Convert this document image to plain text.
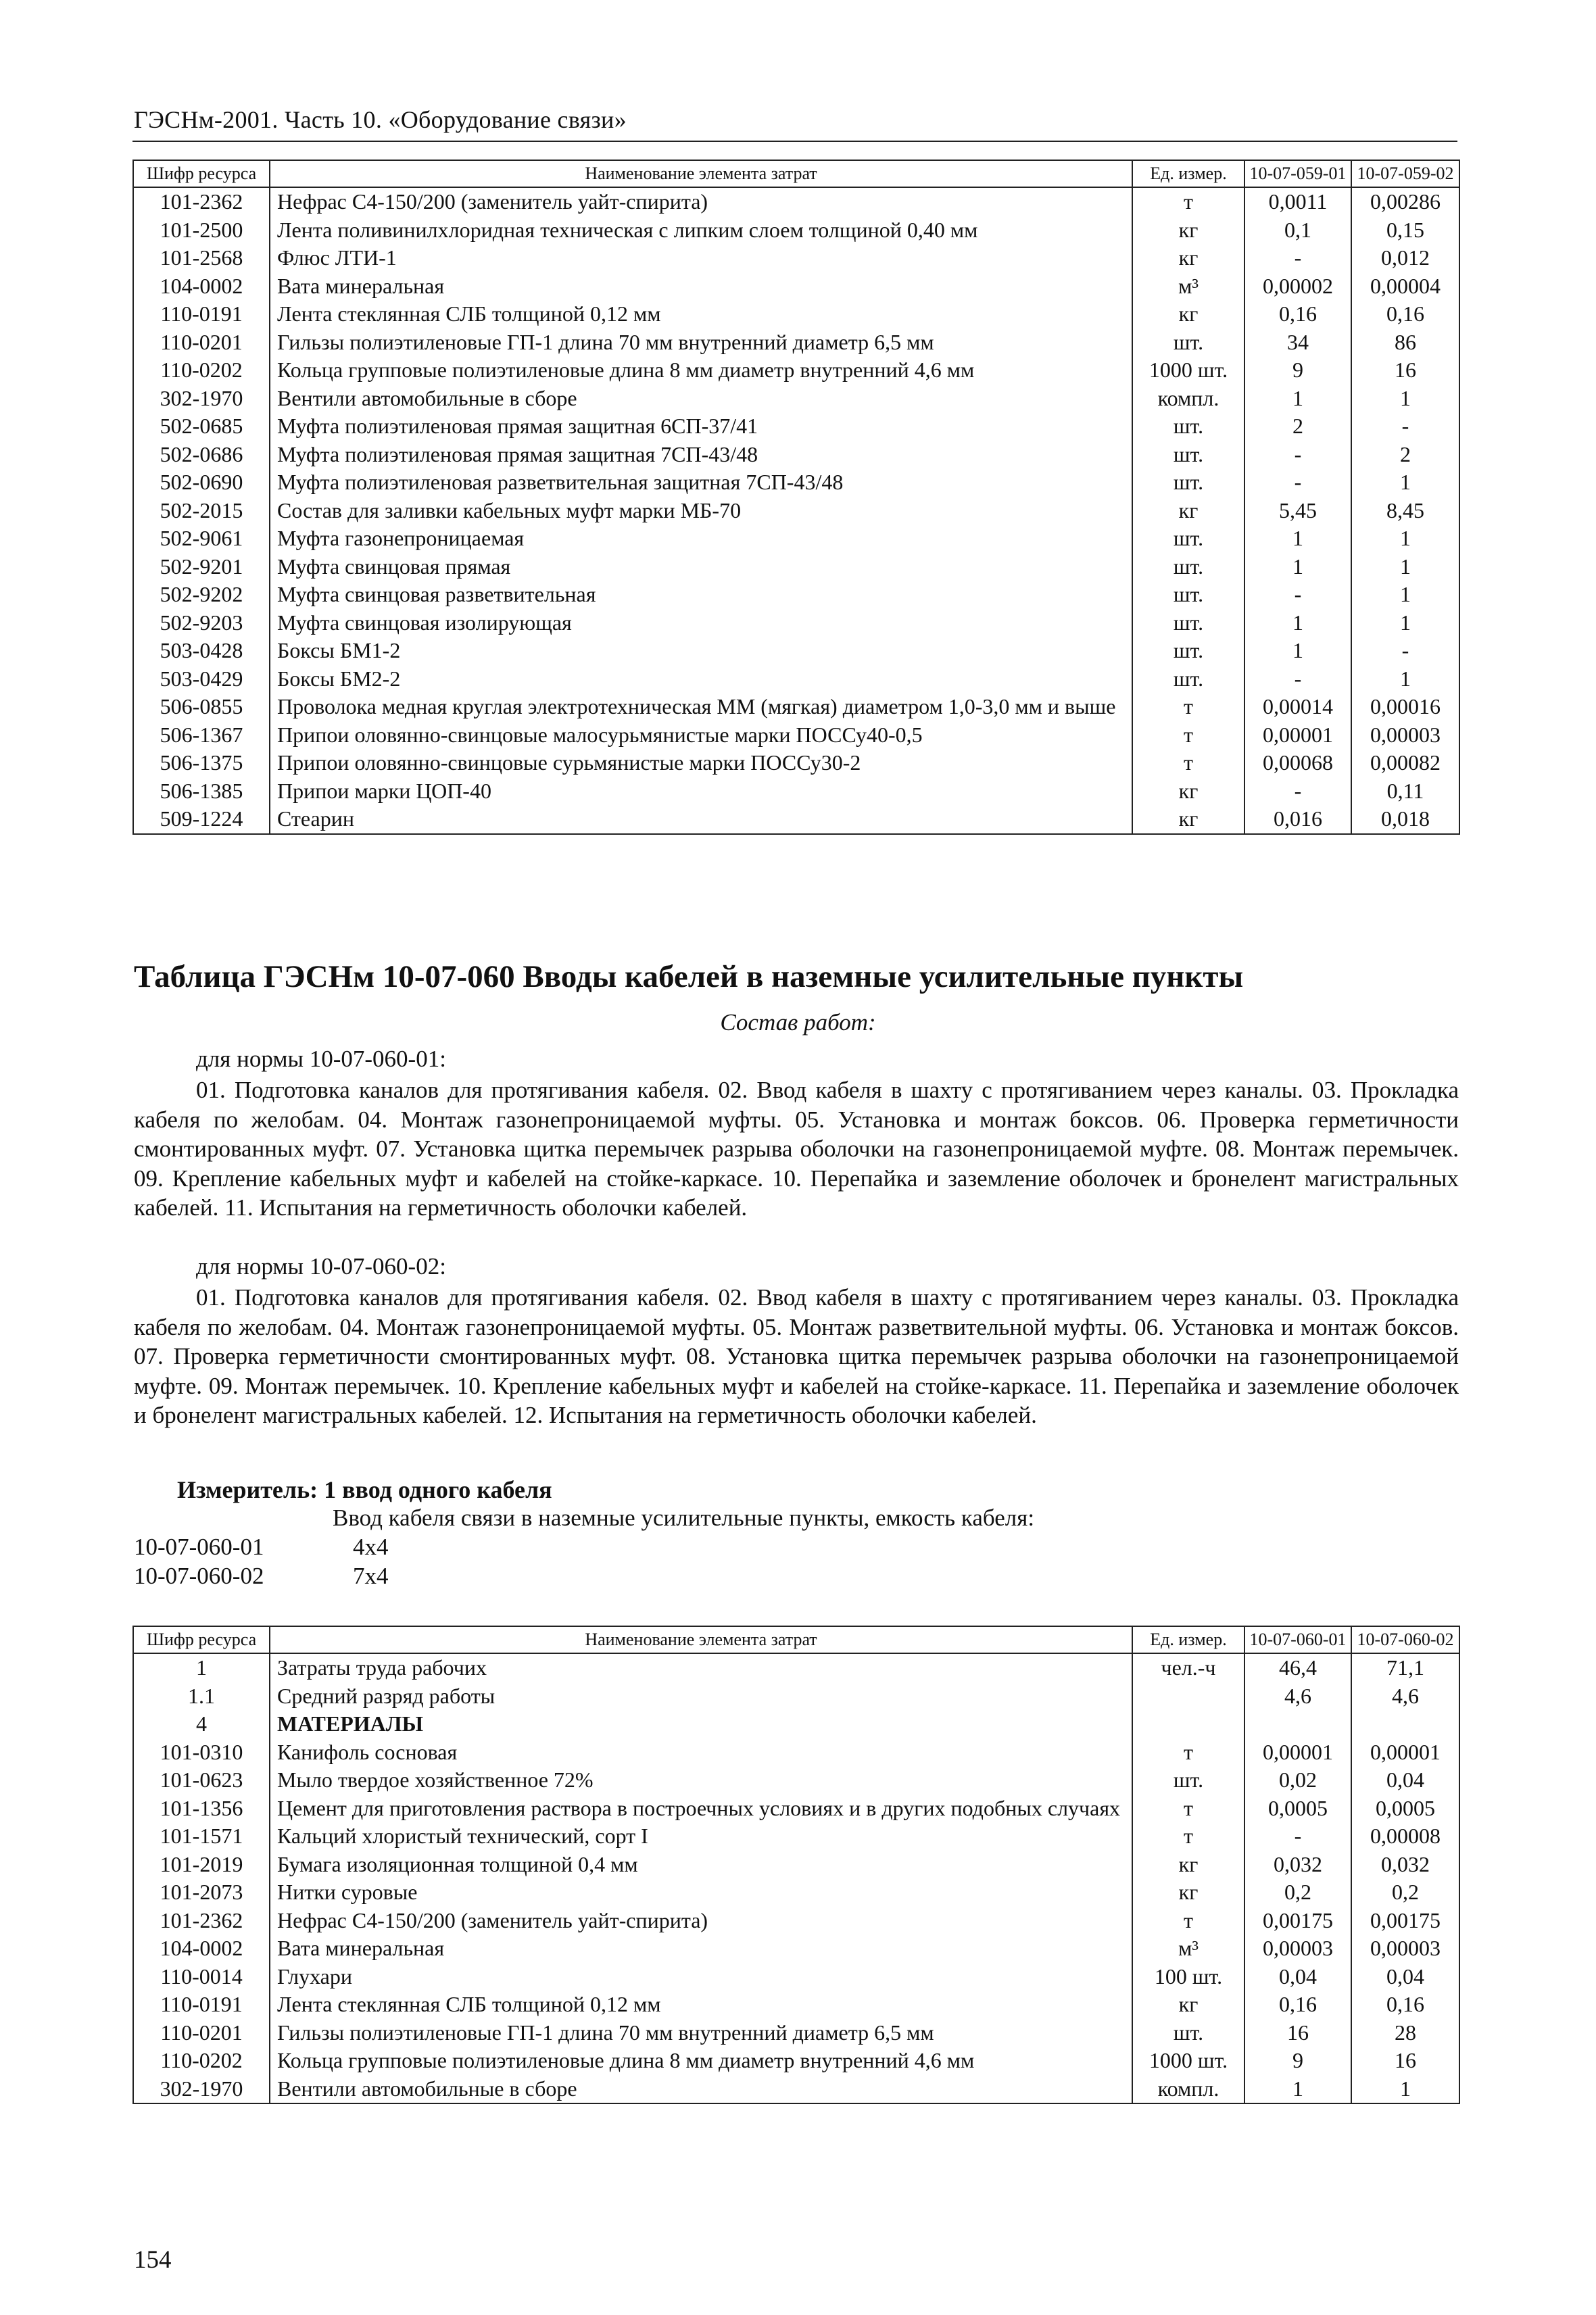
ГЭСНм-2001. Часть 10. «Оборудование связи»
Шифр ресурса	Наименование элемента затрат	Ед. измер.	10-07-059-01	10-07-059-02
101-2362	Нефрас С4-150/200 (заменитель уайт-спирита)	т	0,0011	0,00286
101-2500	Лента поливинилхлоридная техническая с липким слоем толщиной 0,40 мм	кг	0,1	0,15
101-2568	Флюс ЛТИ-1	кг	-	0,012
104-0002	Вата минеральная	м³	0,00002	0,00004
110-0191	Лента стеклянная СЛБ толщиной 0,12 мм	кг	0,16	0,16
110-0201	Гильзы полиэтиленовые ГП-1 длина 70 мм внутренний диаметр 6,5 мм	шт.	34	86
110-0202	Кольца групповые полиэтиленовые длина 8 мм диаметр внутренний 4,6 мм	1000 шт.	9	16
302-1970	Вентили автомобильные в сборе	компл.	1	1
502-0685	Муфта полиэтиленовая прямая защитная 6СП-37/41	шт.	2	-
502-0686	Муфта полиэтиленовая прямая защитная 7СП-43/48	шт.	-	2
502-0690	Муфта полиэтиленовая разветвительная защитная 7СП-43/48	шт.	-	1
502-2015	Состав для заливки кабельных муфт марки МБ-70	кг	5,45	8,45
502-9061	Муфта газонепроницаемая	шт.	1	1
502-9201	Муфта свинцовая прямая	шт.	1	1
502-9202	Муфта свинцовая разветвительная	шт.	-	1
502-9203	Муфта свинцовая изолирующая	шт.	1	1
503-0428	Боксы БМ1-2	шт.	1	-
503-0429	Боксы БМ2-2	шт.	-	1
506-0855	Проволока медная круглая электротехническая ММ (мягкая) диаметром 1,0-3,0 мм и выше	т	0,00014	0,00016
506-1367	Припои оловянно-свинцовые малосурьмянистые марки ПОССу40-0,5	т	0,00001	0,00003
506-1375	Припои оловянно-свинцовые сурьмянистые марки ПОССу30-2	т	0,00068	0,00082
506-1385	Припои марки ЦОП-40	кг	-	0,11
509-1224	Стеарин	кг	0,016	0,018
Таблица ГЭСНм 10-07-060 Вводы кабелей в наземные усилительные пункты
Состав работ:
для нормы 10-07-060-01:
01. Подготовка каналов для протягивания кабеля. 02. Ввод кабеля в шахту с протягиванием через каналы. 03. Прокладка кабеля по желобам. 04. Монтаж газонепроницаемой муфты. 05. Установка и монтаж боксов. 06. Проверка герметичности смонтированных муфт. 07. Установка щитка перемычек разрыва оболочки на газонепроницаемой муфте. 08. Монтаж перемычек. 09. Крепление кабельных муфт и кабелей на стойке-каркасе. 10. Перепайка и заземление оболочек и бронелент магистральных кабелей. 11. Испытания на герметичность оболочки кабелей.
для нормы 10-07-060-02:
01. Подготовка каналов для протягивания кабеля. 02. Ввод кабеля в шахту с протягиванием через каналы. 03. Прокладка кабеля по желобам. 04. Монтаж газонепроницаемой муфты. 05. Монтаж разветвительной муфты. 06. Установка и монтаж боксов. 07. Проверка герметичности смонтированных муфт. 08. Установка щитка перемычек разрыва оболочки на газонепроницаемой муфте. 09. Монтаж перемычек. 10. Крепление кабельных муфт и кабелей на стойке-каркасе. 11. Перепайка и заземление оболочек и бронелент магистральных кабелей. 12. Испытания на герметичность оболочки кабелей.
Измеритель: 1 ввод одного кабеля
Ввод кабеля связи в наземные усилительные пункты, емкость кабеля:
10-07-060-01	4х4
10-07-060-02	7х4
Шифр ресурса	Наименование элемента затрат	Ед. измер.	10-07-060-01	10-07-060-02
1	Затраты труда рабочих	чел.-ч	46,4	71,1
1.1	Средний разряд работы		4,6	4,6
4	МАТЕРИАЛЫ			
101-0310	Канифоль сосновая	т	0,00001	0,00001
101-0623	Мыло твердое хозяйственное 72%	шт.	0,02	0,04
101-1356	Цемент для приготовления раствора в построечных условиях и в других подобных случаях	т	0,0005	0,0005
101-1571	Кальций хлористый технический, сорт I	т	-	0,00008
101-2019	Бумага изоляционная толщиной 0,4 мм	кг	0,032	0,032
101-2073	Нитки суровые	кг	0,2	0,2
101-2362	Нефрас С4-150/200 (заменитель уайт-спирита)	т	0,00175	0,00175
104-0002	Вата минеральная	м³	0,00003	0,00003
110-0014	Глухари	100 шт.	0,04	0,04
110-0191	Лента стеклянная СЛБ толщиной 0,12 мм	кг	0,16	0,16
110-0201	Гильзы полиэтиленовые ГП-1 длина 70 мм внутренний диаметр 6,5 мм	шт.	16	28
110-0202	Кольца групповые полиэтиленовые длина 8 мм диаметр внутренний 4,6 мм	1000 шт.	9	16
302-1970	Вентили автомобильные в сборе	компл.	1	1
154
